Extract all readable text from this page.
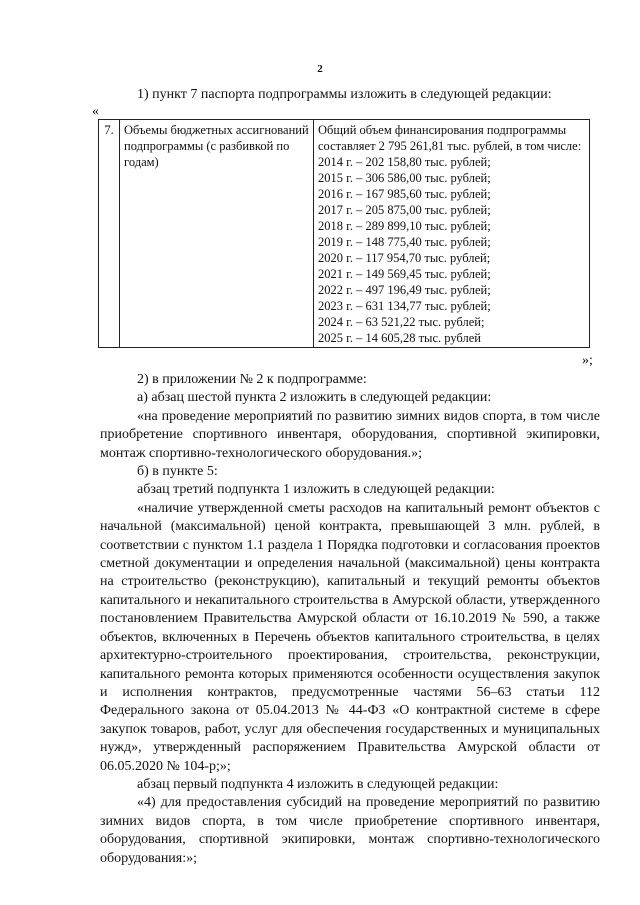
2
1) пункт 7 паспорта подпрограммы изложить в следующей редакции:
«
7.	Объемы бюджетных ассигнований подпрограммы (с разбивкой по годам)	
Общий объем финансирования подпрограммы составляет 2 795 261,81 тыс. рублей, в том числе:
2014 г. – 202 158,80 тыс. рублей;
2015 г. – 306 586,00 тыс. рублей;
2016 г. – 167 985,60 тыс. рублей;
2017 г. – 205 875,00 тыс. рублей;
2018 г. – 289 899,10 тыс. рублей;
2019 г. – 148 775,40 тыс. рублей;
2020 г. – 117 954,70 тыс. рублей;
2021 г. – 149 569,45 тыс. рублей;
2022 г. – 497 196,49 тыс. рублей;
2023 г. – 631 134,77 тыс. рублей;
2024 г. – 63 521,22 тыс. рублей;
2025 г. – 14 605,28 тыс. рублей
»;

2) в приложении № 2 к подпрограмме:

а) абзац шестой пункта 2 изложить в следующей редакции:

«на проведение мероприятий по развитию зимних видов спорта, в том числе приобретение спортивного инвентаря, оборудования, спортивной экипировки, монтаж спортивно-технологического оборудования.»;

б) в пункте 5:

абзац третий подпункта 1 изложить в следующей редакции:

«наличие утвержденной сметы расходов на капитальный ремонт объектов с начальной (максимальной) ценой контракта, превышающей 3 млн. рублей, в соответствии с пунктом 1.1 раздела 1 Порядка подготовки и согласования проектов сметной документации и определения начальной (максимальной) цены контракта на строительство (реконструкцию), капитальный и текущий ремонты объектов капитального и некапитального строительства в Амурской области, утвержденного постановлением Правительства Амурской области от 16.10.2019 № 590, а также объектов, включенных в Перечень объектов капитального строительства, в целях архитектурно-строительного проектирования, строительства, реконструкции, капитального ремонта которых применяются особенности осуществления закупок и исполнения контрактов, предусмотренные частями 56–63 статьи 112 Федерального закона от 05.04.2013 № 44-ФЗ «О контрактной системе в сфере закупок товаров, работ, услуг для обеспечения государственных и муниципальных нужд», утвержденный распоряжением Правительства Амурской области от 06.05.2020 № 104-р;»;

абзац первый подпункта 4 изложить в следующей редакции:

«4) для предоставления субсидий на проведение мероприятий по развитию зимних видов спорта, в том числе приобретение спортивного инвентаря, оборудования, спортивной экипировки, монтаж спортивно-технологического оборудования:»;
